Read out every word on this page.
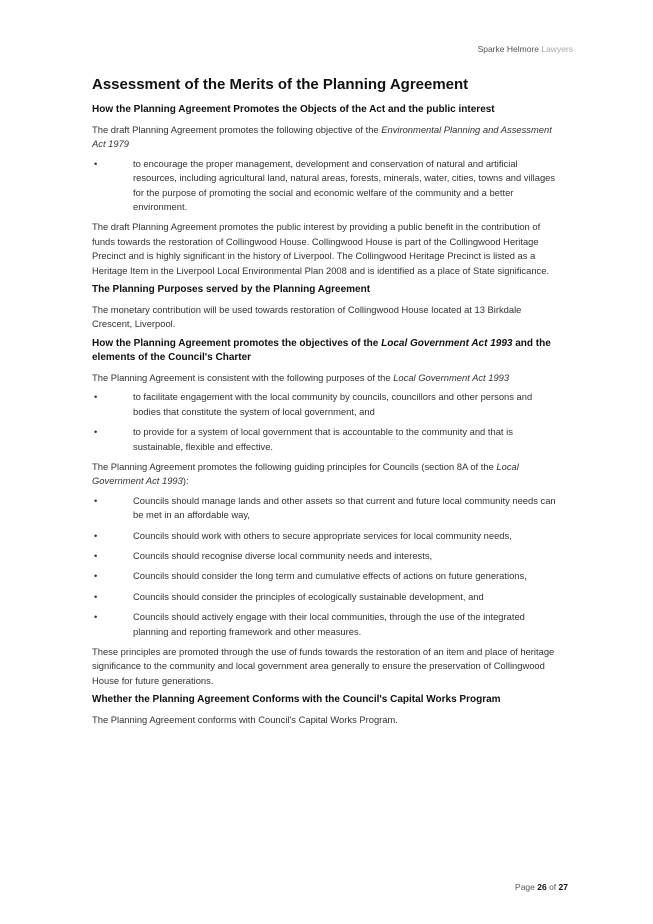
Sparke Helmore Lawyers
Assessment of the Merits of the Planning Agreement
How the Planning Agreement Promotes the Objects of the Act and the public interest

The draft Planning Agreement promotes the following objective of the Environmental Planning and Assessment Act 1979

•	to encourage the proper management, development and conservation of natural and artificial resources, including agricultural land, natural areas, forests, minerals, water, cities, towns and villages for the purpose of promoting the social and economic welfare of the community and a better environment.

The draft Planning Agreement promotes the public interest by providing a public benefit in the contribution of funds towards the restoration of Collingwood House. Collingwood House is part of the Collingwood Heritage Precinct and is highly significant in the history of Liverpool. The Collingwood Heritage Precinct is listed as a Heritage Item in the Liverpool Local Environmental Plan 2008 and is identified as a place of State significance.

The Planning Purposes served by the Planning Agreement

The monetary contribution will be used towards restoration of Collingwood House located at 13 Birkdale Crescent, Liverpool.

How the Planning Agreement promotes the objectives of the Local Government Act 1993 and the elements of the Council's Charter

The Planning Agreement is consistent with the following purposes of the Local Government Act 1993

•	to facilitate engagement with the local community by councils, councillors and other persons and bodies that constitute the system of local government, and
•	to provide for a system of local government that is accountable to the community and that is sustainable, flexible and effective.

The Planning Agreement promotes the following guiding principles for Councils (section 8A of the Local Government Act 1993):

•	Councils should manage lands and other assets so that current and future local community needs can be met in an affordable way,
•	Councils should work with others to secure appropriate services for local community needs,
•	Councils should recognise diverse local community needs and interests,
•	Councils should consider the long term and cumulative effects of actions on future generations,
•	Councils should consider the principles of ecologically sustainable development, and
•	Councils should actively engage with their local communities, through the use of the integrated planning and reporting framework and other measures.

These principles are promoted through the use of funds towards the restoration of an item and place of heritage significance to the community and local government area generally to ensure the preservation of Collingwood House for future generations.

Whether the Planning Agreement Conforms with the Council's Capital Works Program

The Planning Agreement conforms with Council's Capital Works Program.

Page 26 of 27
